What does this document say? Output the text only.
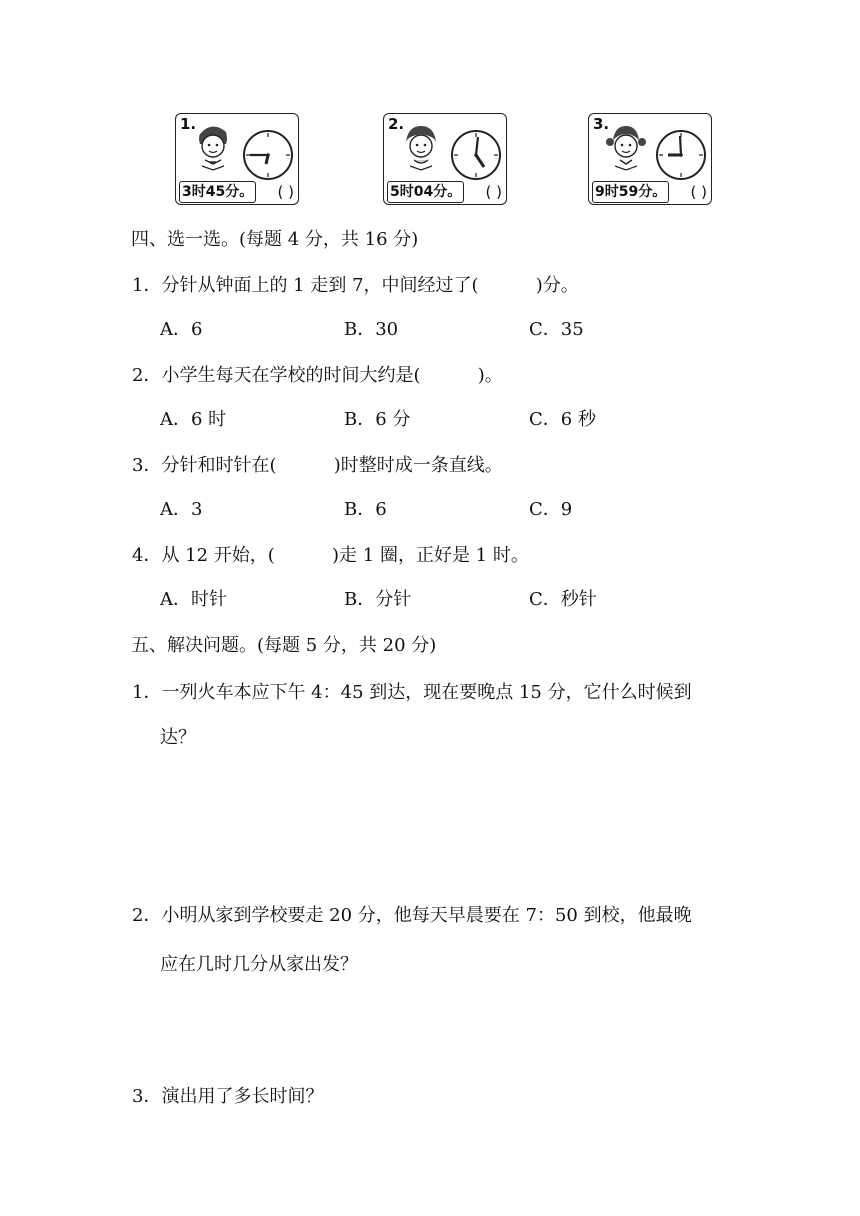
1.
3时45分。 ( )
2.
5时04分。 ( )
3.
9时59分。 ( )
四、选一选。(每题 4 分，共 16 分)
1．分针从钟面上的 1 走到 7，中间经过了(          )分。
A．6	B．30	C．35
2．小学生每天在学校的时间大约是(          )。
A．6 时	B．6 分	C．6 秒
3．分针和时针在(          )时整时成一条直线。
A．3	B．6	C．9
4．从 12 开始，(          )走 1 圈，正好是 1 时。
A．时针	B．分针	C．秒针
五、解决问题。(每题 5 分，共 20 分)
1．一列火车本应下午 4：45 到达，现在要晚点 15 分，它什么时候到
达？
2．小明从家到学校要走 20 分，他每天早晨要在 7：50 到校，他最晚
应在几时几分从家出发？
3．演出用了多长时间？
